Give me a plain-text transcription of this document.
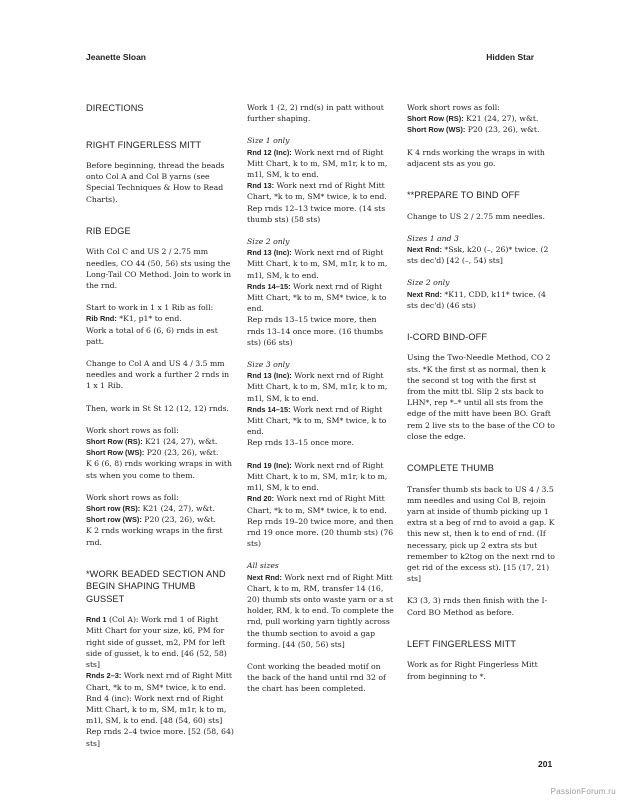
Jeanette Sloan	Hidden Star

DIRECTIONS

RIGHT FINGERLESS MITT

Before beginning, thread the beads onto Col A and Col B yarns (see Special Techniques & How to Read Charts).

RIB EDGE

With Col C and US 2 / 2.75 mm needles, CO 44 (50, 56) sts using the Long-Tail CO Method. Join to work in the rnd.

Start to work in 1 x 1 Rib as foll:

Rib Rnd: *K1, p1* to end.

Work a total of 6 (6, 6) rnds in est patt.

Change to Col A and US 4 / 3.5 mm needles and work a further 2 rnds in 1 x 1 Rib.

Then, work in St St 12 (12, 12) rnds.

Work short rows as foll:

Short Row (RS): K21 (24, 27), w&t.

Short Row (WS): P20 (23, 26), w&t.

K 6 (6, 8) rnds working wraps in with sts when you come to them.

Work short rows as foll:

Short row (RS): K21 (24, 27), w&t.

Short row (WS): P20 (23, 26), w&t.

K 2 rnds working wraps in the first rnd.

*WORK BEADED SECTION AND BEGIN SHAPING THUMB GUSSET

Rnd 1 (Col A): Work rnd 1 of Right Mitt Chart for your size, k6, PM for right side of gusset, m2, PM for left side of gusset, k to end. [46 (52, 58) sts]

Rnds 2–3: Work next rnd of Right Mitt Chart, *k to m, SM* twice, k to end.

Rnd 4 (inc): Work next rnd of Right Mitt Chart, k to m, SM, m1r, k to m, m1l, SM, k to end. [48 (54, 60) sts]

Rep rnds 2–4 twice more. [52 (58, 64) sts]

Work 1 (2, 2) rnd(s) in patt without further shaping.

Size 1 only

Rnd 12 (Inc): Work next rnd of Right Mitt Chart, k to m, SM, m1r, k to m, m1l, SM, k to end.

Rnd 13: Work next rnd of Right Mitt Chart, *k to m, SM* twice, k to end.

Rep rnds 12–13 twice more. (14 sts thumb sts) (58 sts)

Size 2 only

Rnd 13 (Inc): Work next rnd of Right Mitt Chart, k to m, SM, m1r, k to m, m1l, SM, k to end.

Rnds 14–15: Work next rnd of Right Mitt Chart, *k to m, SM* twice, k to end.

Rep rnds 13–15 twice more, then rnds 13–14 once more. (16 thumbs sts) (66 sts)

Size 3 only

Rnd 13 (Inc): Work next rnd of Right Mitt Chart, k to m, SM, m1r, k to m, m1l, SM, k to end.

Rnds 14–15: Work next rnd of Right Mitt Chart, *k to m, SM* twice, k to end.

Rep rnds 13–15 once more.

Rnd 19 (Inc): Work next rnd of Right Mitt Chart, k to m, SM, m1r, k to m, m1l, SM, k to end.

Rnd 20: Work next rnd of Right Mitt Chart, *k to m, SM* twice, k to end.

Rep rnds 19–20 twice more, and then rnd 19 once more. (20 thumb sts) (76 sts)

All sizes

Next Rnd: Work next rnd of Right Mitt Chart, k to m, RM, transfer 14 (16, 20) thumb sts onto waste yarn or a st holder, RM, k to end. To complete the rnd, pull working yarn tightly across the thumb section to avoid a gap forming. [44 (50, 56) sts]

Cont working the beaded motif on the back of the hand until rnd 32 of the chart has been completed.

Work short rows as foll:

Short Row (RS): K21 (24, 27), w&t.

Short Row (WS): P20 (23, 26), w&t.

K 4 rnds working the wraps in with adjacent sts as you go.

**PREPARE TO BIND OFF

Change to US 2 / 2.75 mm needles.

Sizes 1 and 3

Next Rnd: *Ssk, k20 (–, 26)* twice. (2 sts dec'd) [42 (–, 54) sts]

Size 2 only

Next Rnd: *K11, CDD, k11* twice. (4 sts dec'd) (46 sts)

I-CORD BIND-OFF

Using the Two-Needle Method, CO 2 sts. *K the first st as normal, then k the second st tog with the first st from the mitt tbl. Slip 2 sts back to LHN*, rep *–* until all sts from the edge of the mitt have been BO. Graft rem 2 live sts to the base of the CO to close the edge.

COMPLETE THUMB

Transfer thumb sts back to US 4 / 3.5 mm needles and using Col B, rejoin yarn at inside of thumb picking up 1 extra st a beg of rnd to avoid a gap. K this new st, then k to end of rnd. (If necessary, pick up 2 extra sts but remember to k2tog on the next rnd to get rid of the excess st). [15 (17, 21) sts]

K3 (3, 3) rnds then finish with the I-Cord BO Method as before.

LEFT FINGERLESS MITT

Work as for Right Fingerless Mitt from beginning to *.

201
PassionForum.ru
